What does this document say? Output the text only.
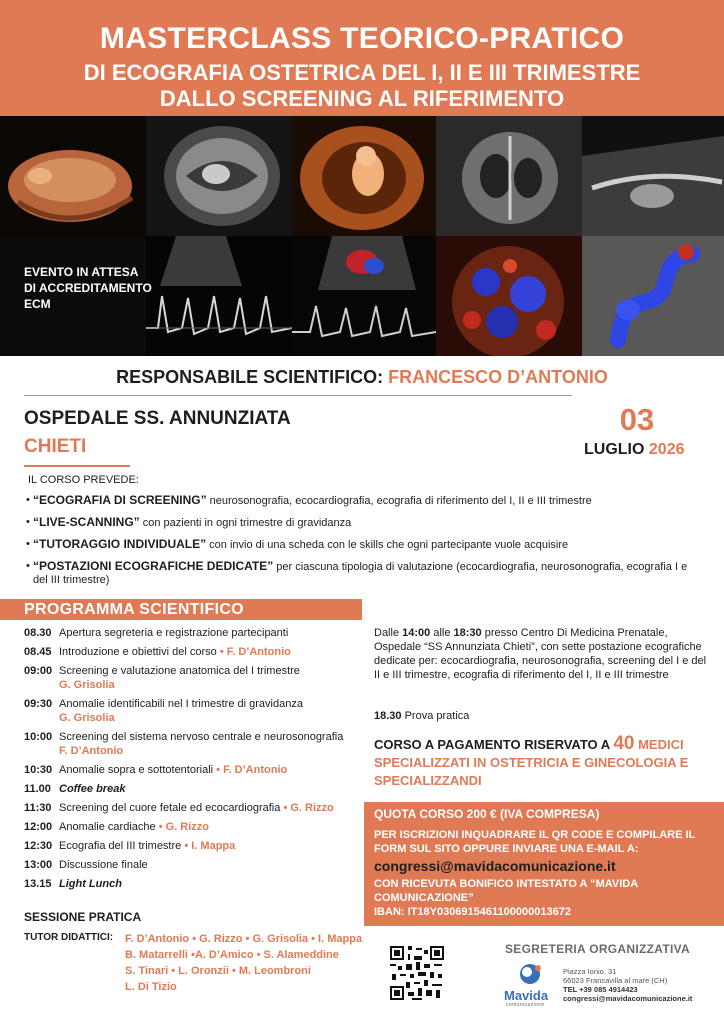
MASTERCLASS TEORICO-PRATICO
DI ECOGRAFIA OSTETRICA DEL I, II E III TRIMESTRE
DALLO SCREENING AL RIFERIMENTO
EVENTO IN ATTESA
DI ACCREDITAMENTO
ECM
RESPONSABILE SCIENTIFICO: FRANCESCO D’ANTONIO
OSPEDALE SS. ANNUNZIATA
CHIETI
03
LUGLIO 2026
IL CORSO PREVEDE:
• “ECOGRAFIA DI SCREENING” neurosonografia, ecocardiografia, ecografia di riferimento del I, II e III trimestre
• “LIVE-SCANNING” con pazienti in ogni trimestre di gravidanza
• “TUTORAGGIO INDIVIDUALE” con invio di una scheda con le skills che ogni partecipante vuole acquisire
• “POSTAZIONI ECOGRAFICHE DEDICATE” per ciascuna tipologia di valutazione (ecocardiografia, neurosonografia, ecografia I e del III trimestre)
PROGRAMMA SCIENTIFICO
08.30 Apertura segreteria e registrazione partecipanti
08.45 Introduzione e obiettivi del corso • F. D’Antonio
09:00 Screening e valutazione anatomica del I trimestre
G. Grisolia
09:30 Anomalie identificabili nel I trimestre di gravidanza
G. Grisolia
10:00 Screening del sistema nervoso centrale e neurosonografia
F. D’Antonio
10:30 Anomalie sopra e sottotentoriali • F. D’Antonio
11.00 Coffee break
11:30 Screening del cuore fetale ed ecocardiografia • G. Rizzo
12:00 Anomalie cardiache • G. Rizzo
12:30 Ecografia del III trimestre • I. Mappa
13:00 Discussione finale
13.15 Light Lunch
SESSIONE PRATICA
TUTOR DIDATTICI: F. D’Antonio • G. Rizzo • G. Grisolia • I. Mappa
B. Matarrelli •A. D’Amico • S. Alameddine
S. Tinari • L. Oronzii • M. Leombroni
L. Di Tizio
Dalle 14:00 alle 18:30 presso Centro Di Medicina Prenatale, Ospedale “SS Annunziata Chieti”, con sette postazione ecografiche dedicate per: ecocardiografia, neurosonografia, screening del I e del II e III trimestre, ecografia di riferimento del I, II e III trimestre
18.30 Prova pratica
CORSO A PAGAMENTO RISERVATO A 40 MEDICI SPECIALIZZATI IN OSTETRICIA E GINECOLOGIA E SPECIALIZZANDI
QUOTA CORSO 200 € (IVA COMPRESA)
PER ISCRIZIONI INQUADRARE IL QR CODE E COMPILARE IL FORM SUL SITO OPPURE INVIARE UNA E-MAIL A:
congressi@mavidacomunicazione.it
CON RICEVUTA BONIFICO INTESTATO A “MAVIDA COMUNICAZIONE”
IBAN: IT18Y0306915461100000013672
SEGRETERIA ORGANIZZATIVA
Mavida
comunicazione
Piazza Ionio, 31
66023 Francavilla al mare (CH)
TEL +39 085 4914423
congressi@mavidacomunicazione.it
